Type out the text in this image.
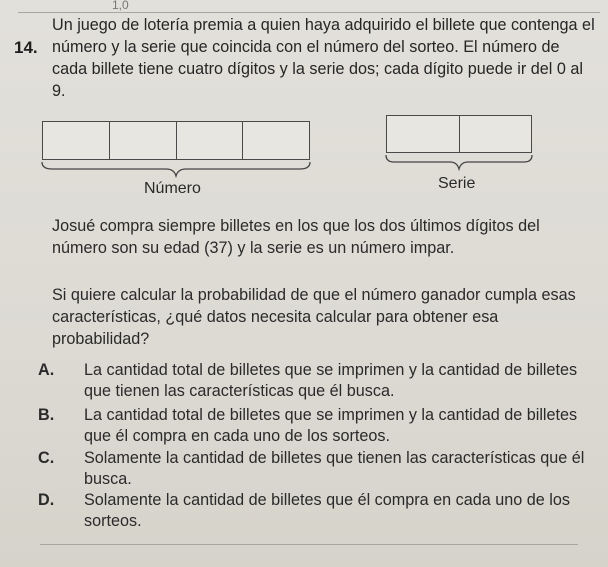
1,0
14.

Un juego de lotería premia a quien haya adquirido el billete que contenga el número y la serie que coincida con el número del sorteo. El número de cada billete tiene cuatro dígitos y la serie dos; cada dígito puede ir del 0 al 9.

Número	Serie

Josué compra siempre billetes en los que los dos últimos dígitos del número son su edad (37) y la serie es un número impar.

Si quiere calcular la probabilidad de que el número ganador cumpla esas características, ¿qué datos necesita calcular para obtener esa probabilidad?

A. La cantidad total de billetes que se imprimen y la cantidad de billetes que tienen las características que él busca.
B. La cantidad total de billetes que se imprimen y la cantidad de billetes que él compra en cada uno de los sorteos.
C. Solamente la cantidad de billetes que tienen las características que él busca.
D. Solamente la cantidad de billetes que él compra en cada uno de los sorteos.
